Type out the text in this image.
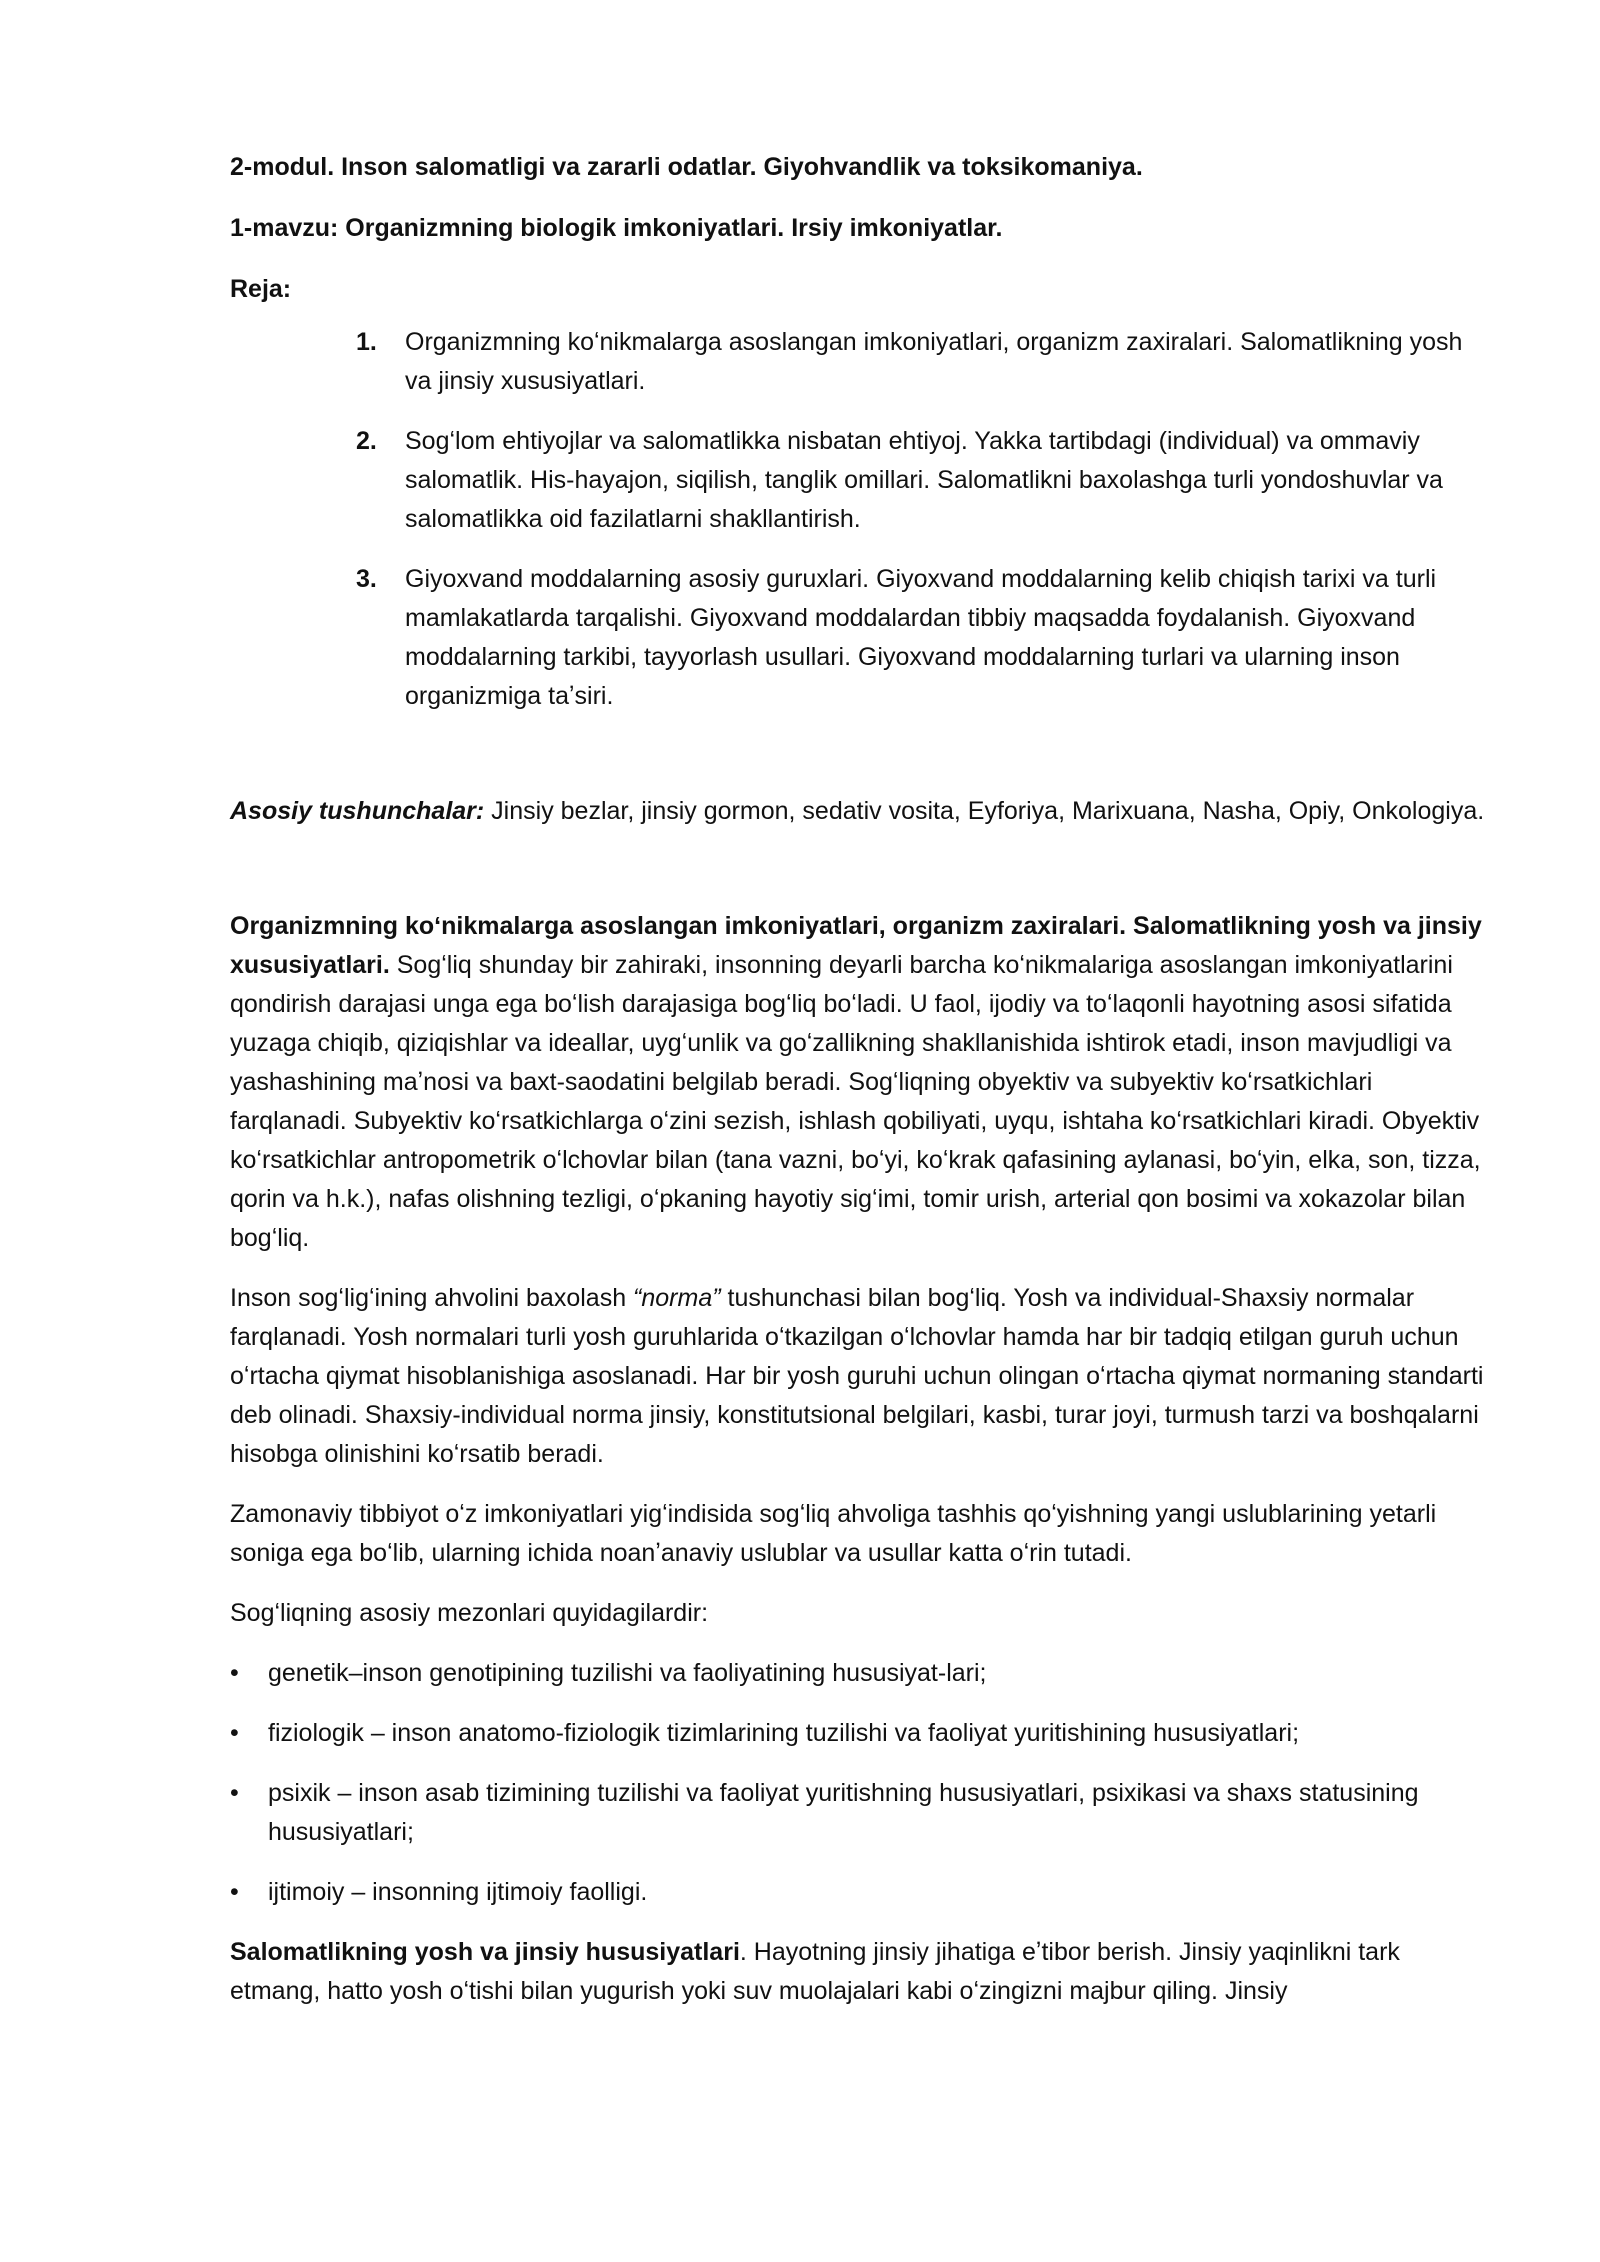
2-modul. Inson salomatligi va zararli odatlar. Giyohvandlik va toksikomaniya.

1-mavzu: Organizmning biologik imkoniyatlari. Irsiy imkoniyatlar.

Reja:

1. Organizmning koʻnikmalarga asoslangan imkoniyatlari, organizm zaxiralari. Salomatlikning yosh va jinsiy xususiyatlari.
2. Sogʻlom ehtiyojlar va salomatlikka nisbatan ehtiyoj. Yakka tartibdagi (individual) va ommaviy salomatlik. His-hayajon, siqilish, tanglik omillari. Salomatlikni baxolashga turli yondoshuvlar va salomatlikka oid fazilatlarni shakllantirish.
3. Giyoxvand moddalarning asosiy guruxlari. Giyoxvand moddalarning kelib chiqish tarixi va turli mamlakatlarda tarqalishi. Giyoxvand moddalardan tibbiy maqsadda foydalanish. Giyoxvand moddalarning tarkibi, tayyorlash usullari. Giyoxvand moddalarning turlari va ularning inson organizmiga taʼsiri.

Asosiy tushunchalar: Jinsiy bezlar, jinsiy gormon, sedativ vosita, Eyforiya, Marixuana, Nasha, Opiy, Onkologiya.

Organizmning koʻnikmalarga asoslangan imkoniyatlari, organizm zaxiralari. Salomatlikning yosh va jinsiy xususiyatlari. Sogʻliq shunday bir zahiraki, insonning deyarli barcha koʻnikmalariga asoslangan imkoniyatlarini qondirish darajasi unga ega boʻlish darajasiga bogʻliq boʻladi. U faol, ijodiy va toʻlaqonli hayotning asosi sifatida yuzaga chiqib, qiziqishlar va ideallar, uygʻunlik va goʻzallikning shakllanishida ishtirok etadi, inson mavjudligi va yashashining maʼnosi va baxt-saodatini belgilab beradi. Sogʻliqning obyektiv va subyektiv koʻrsatkichlari farqlanadi. Subyektiv koʻrsatkichlarga oʻzini sezish, ishlash qobiliyati, uyqu, ishtaha koʻrsatkichlari kiradi. Obyektiv koʻrsatkichlar antropometrik oʻlchovlar bilan (tana vazni, boʻyi, koʻkrak qafasining aylanasi, boʻyin, elka, son, tizza, qorin va h.k.), nafas olishning tezligi, oʻpkaning hayotiy sigʻimi, tomir urish, arterial qon bosimi va xokazolar bilan bogʻliq.

Inson sogʻligʻining ahvolini baxolash “norma” tushunchasi bilan bogʻliq. Yosh va individual-Shaxsiy normalar farqlanadi. Yosh normalari turli yosh guruhlarida oʻtkazilgan oʻlchovlar hamda har bir tadqiq etilgan guruh uchun oʻrtacha qiymat hisoblanishiga asoslanadi. Har bir yosh guruhi uchun olingan oʻrtacha qiymat normaning standarti deb olinadi. Shaxsiy-individual norma jinsiy, konstitutsional belgilari, kasbi, turar joyi, turmush tarzi va boshqalarni hisobga olinishini koʻrsatib beradi.

Zamonaviy tibbiyot oʻz imkoniyatlari yigʻindisida sogʻliq ahvoliga tashhis qoʻyishning yangi uslublarining yetarli soniga ega boʻlib, ularning ichida noanʼanaviy uslublar va usullar katta oʻrin tutadi.

Sogʻliqning asosiy mezonlari quyidagilardir:

• genetik–inson genotipining tuzilishi va faoliyatining hususiyat-lari;
• fiziologik – inson anatomo-fiziologik tizimlarining tuzilishi va faoliyat yuritishining hususiyatlari;
• psixik – inson asab tizimining tuzilishi va faoliyat yuritishning hususiyatlari, psixikasi va shaxs statusining hususiyatlari;
• ijtimoiy – insonning ijtimoiy faolligi.

Salomatlikning yosh va jinsiy hususiyatlari. Hayotning jinsiy jihatiga eʼtibor berish. Jinsiy yaqinlikni tark etmang, hatto yosh oʻtishi bilan yugurish yoki suv muolajalari kabi oʻzingizni majbur qiling. Jinsiy
